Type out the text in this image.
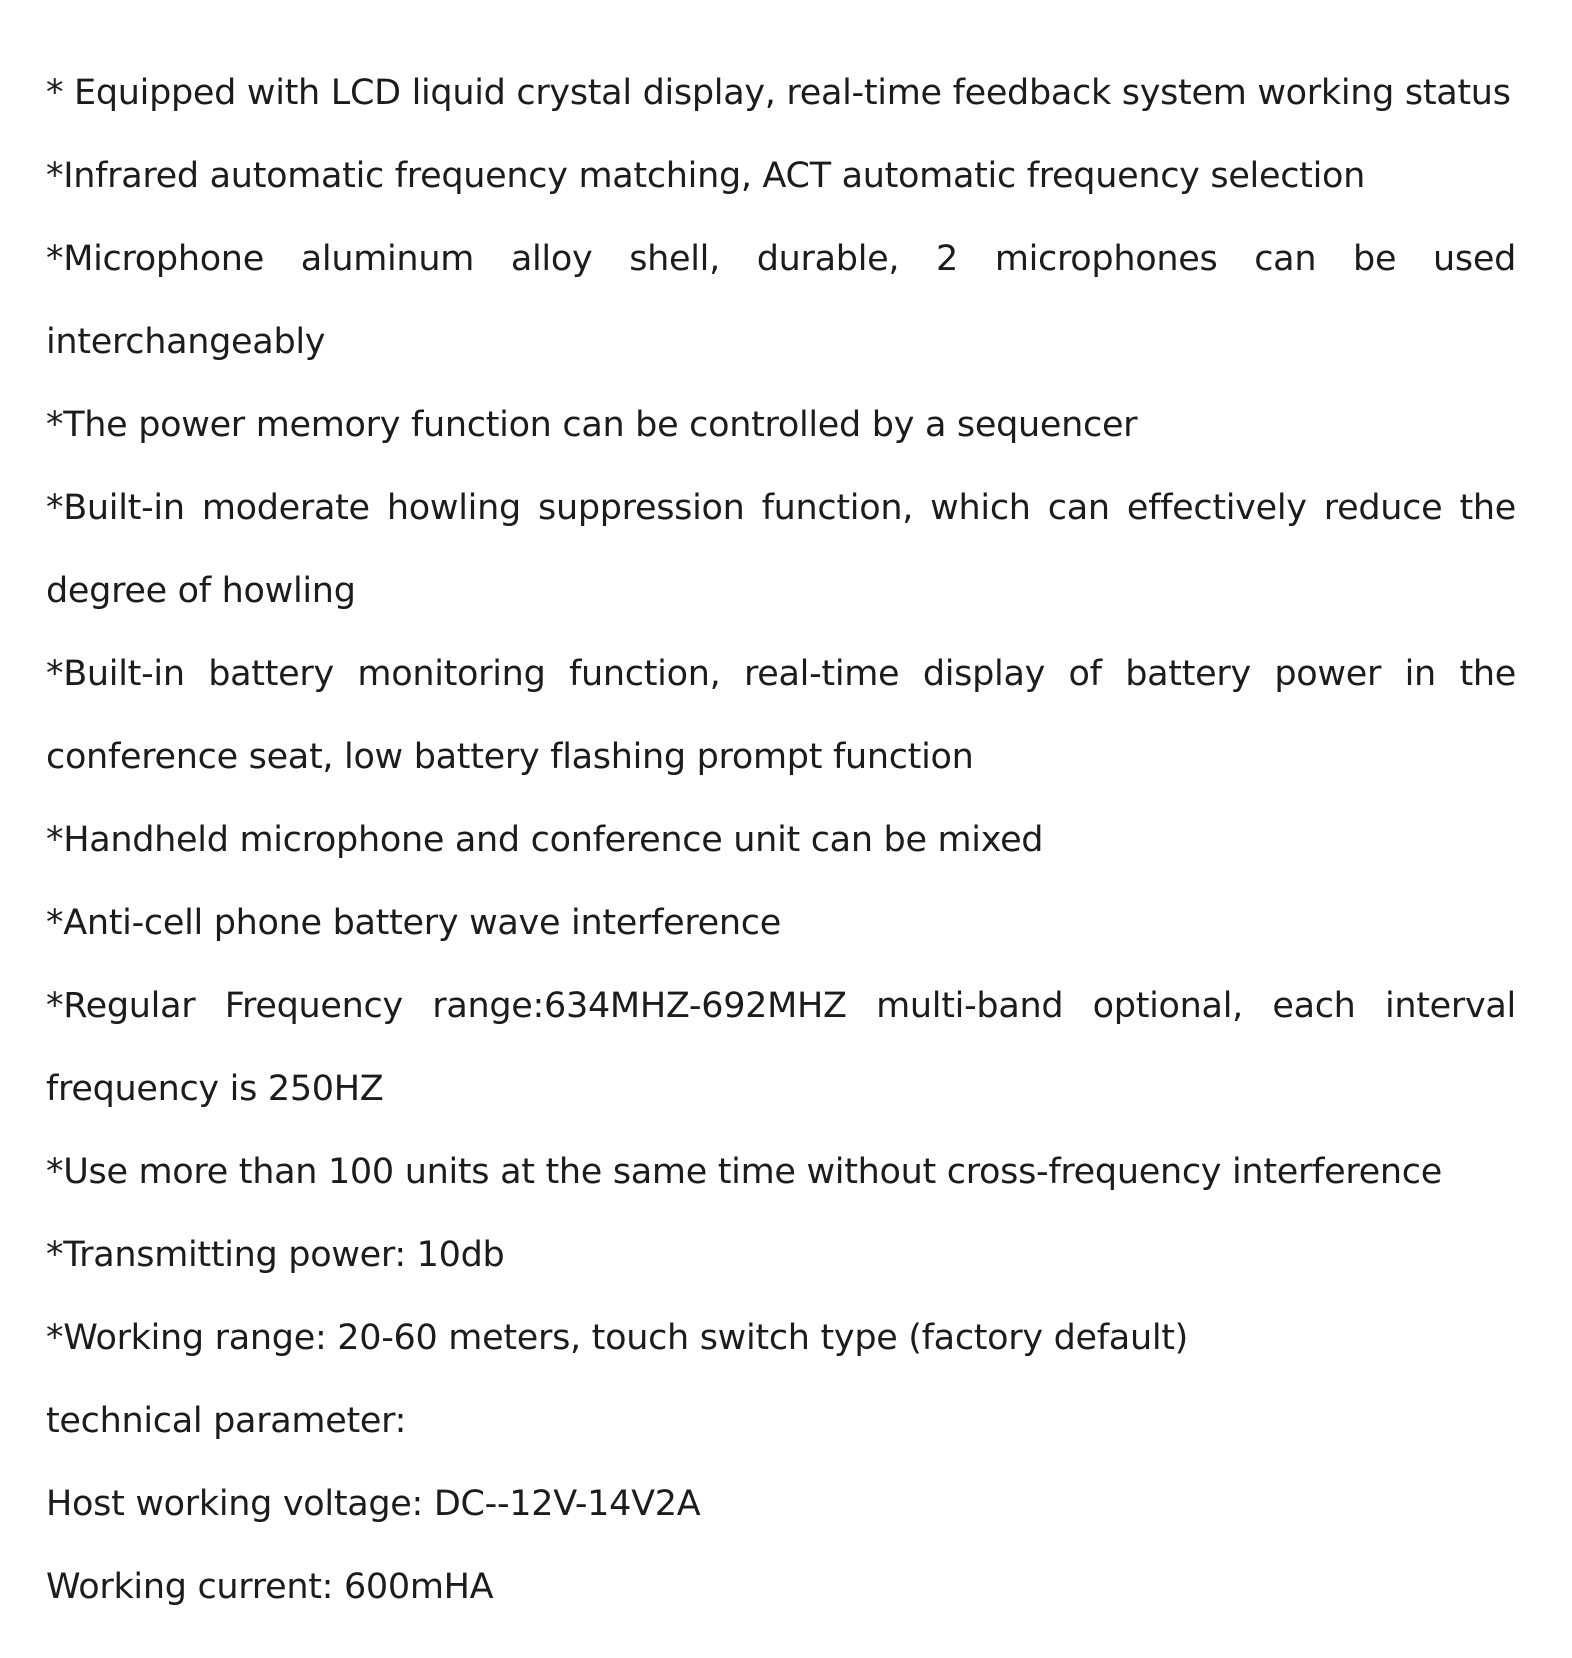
* Equipped with LCD liquid crystal display, real-time feedback system working status
*Infrared automatic frequency matching, ACT automatic frequency selection
*Microphone aluminum alloy shell, durable, 2 microphones can be used
interchangeably
*The power memory function can be controlled by a sequencer
*Built-in moderate howling suppression function, which can effectively reduce the
degree of howling
*Built-in battery monitoring function, real-time display of battery power in the
conference seat, low battery flashing prompt function
*Handheld microphone and conference unit can be mixed
*Anti-cell phone battery wave interference
*Regular Frequency range:634MHZ-692MHZ multi-band optional, each interval
frequency is 250HZ
*Use more than 100 units at the same time without cross-frequency interference
*Transmitting power: 10db
*Working range: 20-60 meters, touch switch type (factory default)
technical parameter:
Host working voltage: DC--12V-14V2A
Working current: 600mHA
